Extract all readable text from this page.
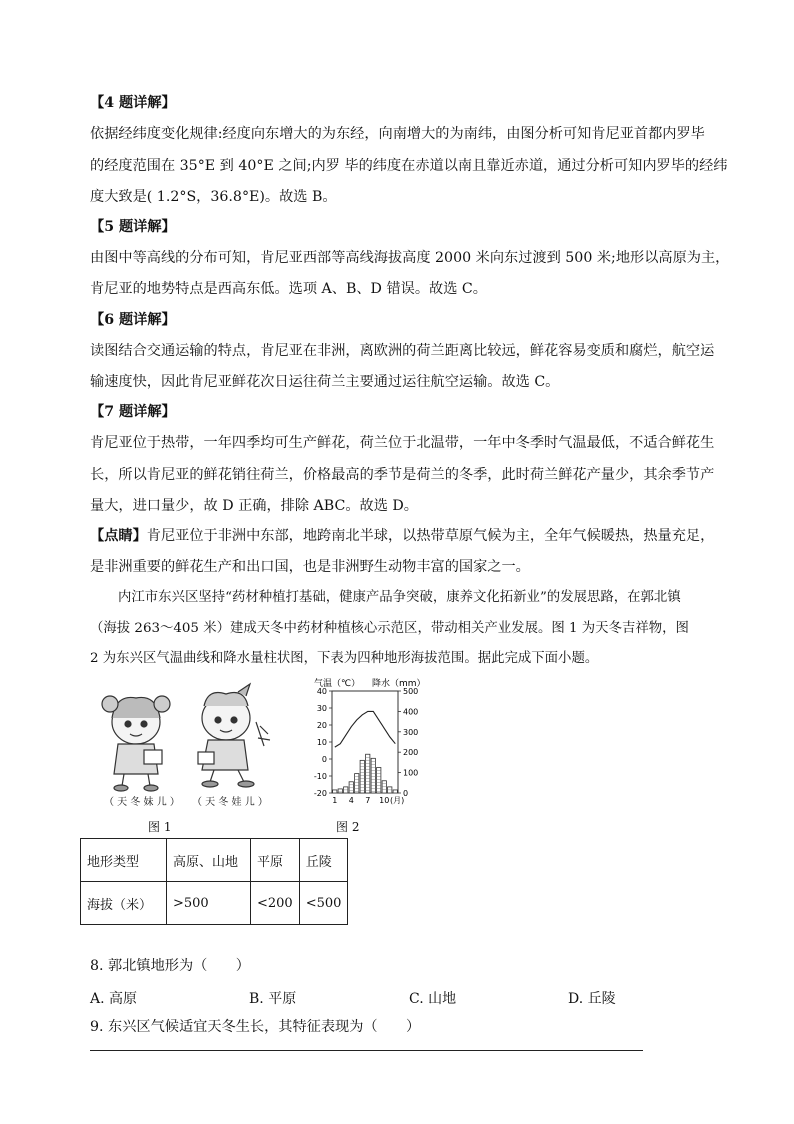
【4 题详解】
依据经纬度变化规律:经度向东增大的为东经，向南增大的为南纬，由图分析可知肯尼亚首都内罗毕
的经度范围在 35°E 到 40°E 之间;内罗 毕的纬度在赤道以南且靠近赤道，通过分析可知内罗毕的经纬
度大致是( 1.2°S，36.8°E)。故选 B。
【5 题详解】
由图中等高线的分布可知，肯尼亚西部等高线海拔高度 2000 米向东过渡到 500 米;地形以高原为主，
肯尼亚的地势特点是西高东低。选项 A、B、D 错误。故选 C。
【6 题详解】
读图结合交通运输的特点，肯尼亚在非洲，离欧洲的荷兰距离比较远，鲜花容易变质和腐烂，航空运
输速度快，因此肯尼亚鲜花次日运往荷兰主要通过运往航空运输。故选 C。
【7 题详解】
肯尼亚位于热带，一年四季均可生产鲜花，荷兰位于北温带，一年中冬季时气温最低，不适合鲜花生
长，所以肯尼亚的鲜花销往荷兰，价格最高的季节是荷兰的冬季，此时荷兰鲜花产量少，其余季节产
量大，进口量少，故 D 正确，排除 ABC。故选 D。
【点睛】肯尼亚位于非洲中东部，地跨南北半球，以热带草原气候为主，全年气候暖热，热量充足，
是非洲重要的鲜花生产和出口国，也是非洲野生动物丰富的国家之一。
内江市东兴区坚持“药材种植打基础，健康产品争突破，康养文化拓新业”的发展思路，在郭北镇
（海拔 263～405 米）建成天冬中药材种植核心示范区，带动相关产业发展。图 1 为天冬吉祥物，图
2 为东兴区气温曲线和降水量柱状图，下表为四种地形海拔范围。据此完成下面小题。
（ 天 冬 妹 儿 ） （ 天 冬 娃 儿 ）
图 1
气温（℃） 降水（mm）
40
30
20
10
0
-10
-20
500
400
300
200
100
0
1 4 7 10 (月)
图 2
地形类型	高原、山地	平原	丘陵
海拔（米）	>500	<200	<500
8. 郭北镇地形为（　　）
A. 高原	B. 平原	C. 山地	D. 丘陵
9. 东兴区气候适宜天冬生长，其特征表现为（　　）
